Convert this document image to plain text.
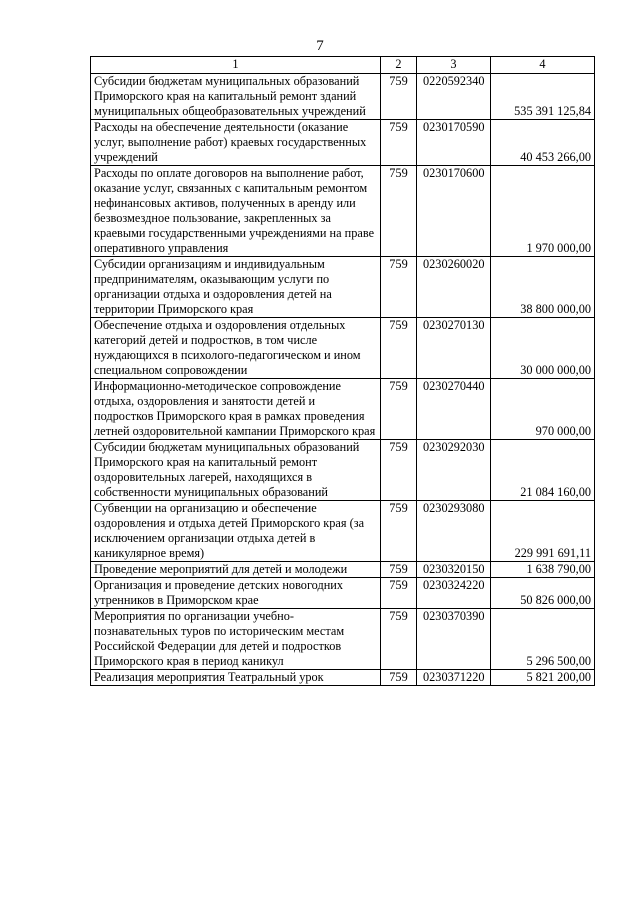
7
1	2	3	4
Субсидии бюджетам муниципальных образований Приморского края на капитальный ремонт зданий муниципальных общеобразовательных учреждений	759	0220592340	535 391 125,84
Расходы на обеспечение деятельности (оказание услуг, выполнение работ) краевых государственных учреждений	759	0230170590	40 453 266,00
Расходы по оплате договоров на выполнение работ, оказание услуг, связанных с капитальным ремонтом нефинансовых активов, полученных в аренду или безвозмездное пользование, закрепленных за краевыми государственными учреждениями на праве оперативного управления	759	0230170600	1 970 000,00
Субсидии организациям и индивидуальным предпринимателям, оказывающим услуги по организации отдыха и оздоровления детей на территории Приморского края	759	0230260020	38 800 000,00
Обеспечение отдыха и оздоровления отдельных категорий детей и подростков, в том числе нуждающихся в психолого-педагогическом и ином специальном сопровождении	759	0230270130	30 000 000,00
Информационно-методическое сопровождение отдыха, оздоровления и занятости детей и подростков Приморского края в рамках проведения летней оздоровительной кампании Приморского края	759	0230270440	970 000,00
Субсидии бюджетам муниципальных образований Приморского края на капитальный ремонт оздоровительных лагерей, находящихся в собственности муниципальных образований	759	0230292030	21 084 160,00
Субвенции на организацию и обеспечение оздоровления и отдыха детей Приморского края (за исключением организации отдыха детей в каникулярное время)	759	0230293080	229 991 691,11
Проведение мероприятий для детей и молодежи	759	0230320150	1 638 790,00
Организация и проведение детских новогодних утренников в Приморском крае	759	0230324220	50 826 000,00
Мероприятия по организации учебно-познавательных туров по историческим местам Российской Федерации для детей и подростков Приморского края в период каникул	759	0230370390	5 296 500,00
Реализация мероприятия Театральный урок	759	0230371220	5 821 200,00
